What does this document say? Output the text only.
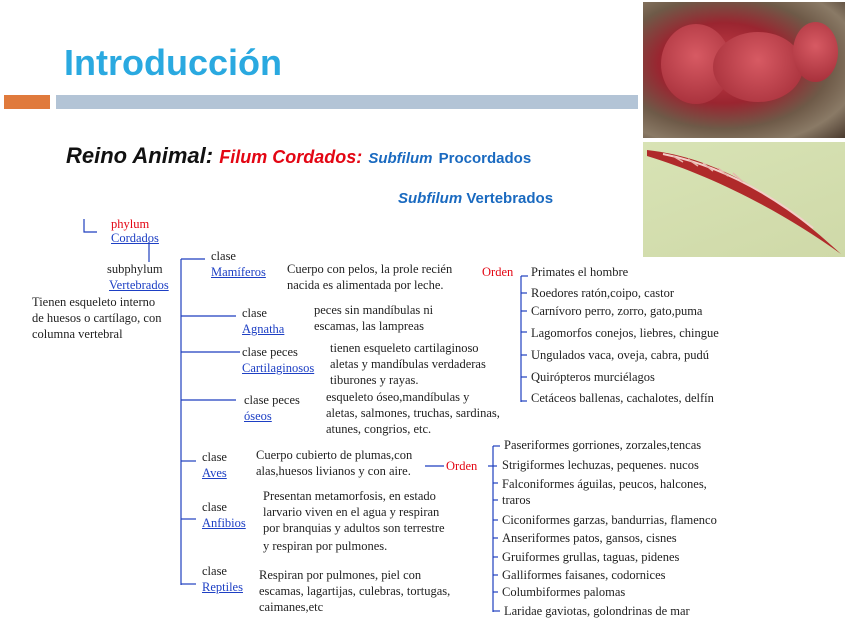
Introducción
Reino Animal: Filum Cordados: Subfilum Procordados
Subfilum Vertebrados
phylum
Cordados
subphylum
Vertebrados
Tienen esqueleto interno
de huesos o cartílago, con
columna vertebral
clase
Mamíferos Cuerpo con pelos, la prole recién
nacida es alimentada por leche.
Orden Primates el hombre
Roedores ratón,coipo, castor
Carnívoro perro, zorro, gato,puma
Lagomorfos conejos, liebres, chingue
Ungulados vaca, oveja, cabra, pudú
Quirópteros murciélagos
Cetáceos ballenas, cachalotes, delfín
clase
Agnatha
peces sin mandíbulas ni
escamas, las lampreas
clase peces
Cartilaginosos
tienen esqueleto cartilaginoso
aletas y mandíbulas verdaderas
tiburones y rayas.
clase peces
óseos
esqueleto óseo,mandíbulas y
aletas, salmones, truchas, sardinas,
atunes, congrios, etc.
clase
Aves
Cuerpo cubierto de plumas,con
alas,huesos livianos y con aire.	Orden
Paseriformes gorriones, zorzales,tencas
Strigiformes lechuzas, pequenes. nucos
Falconiformes águilas, peucos, halcones,
traros
Ciconiformes garzas, bandurrias, flamenco
Anseriformes patos, gansos, cisnes
Gruiformes grullas, taguas, pidenes
Galliformes faisanes, codornices
Columbiformes palomas
Laridae gaviotas, golondrinas de mar
clase
Anfibios
Presentan metamorfosis, en estado
larvario viven en el agua y respiran
por branquias y adultos son terrestre
y respiran por pulmones.
clase
Reptiles
Respiran por pulmones, piel con
escamas, lagartijas, culebras, tortugas,
caimanes,etc
